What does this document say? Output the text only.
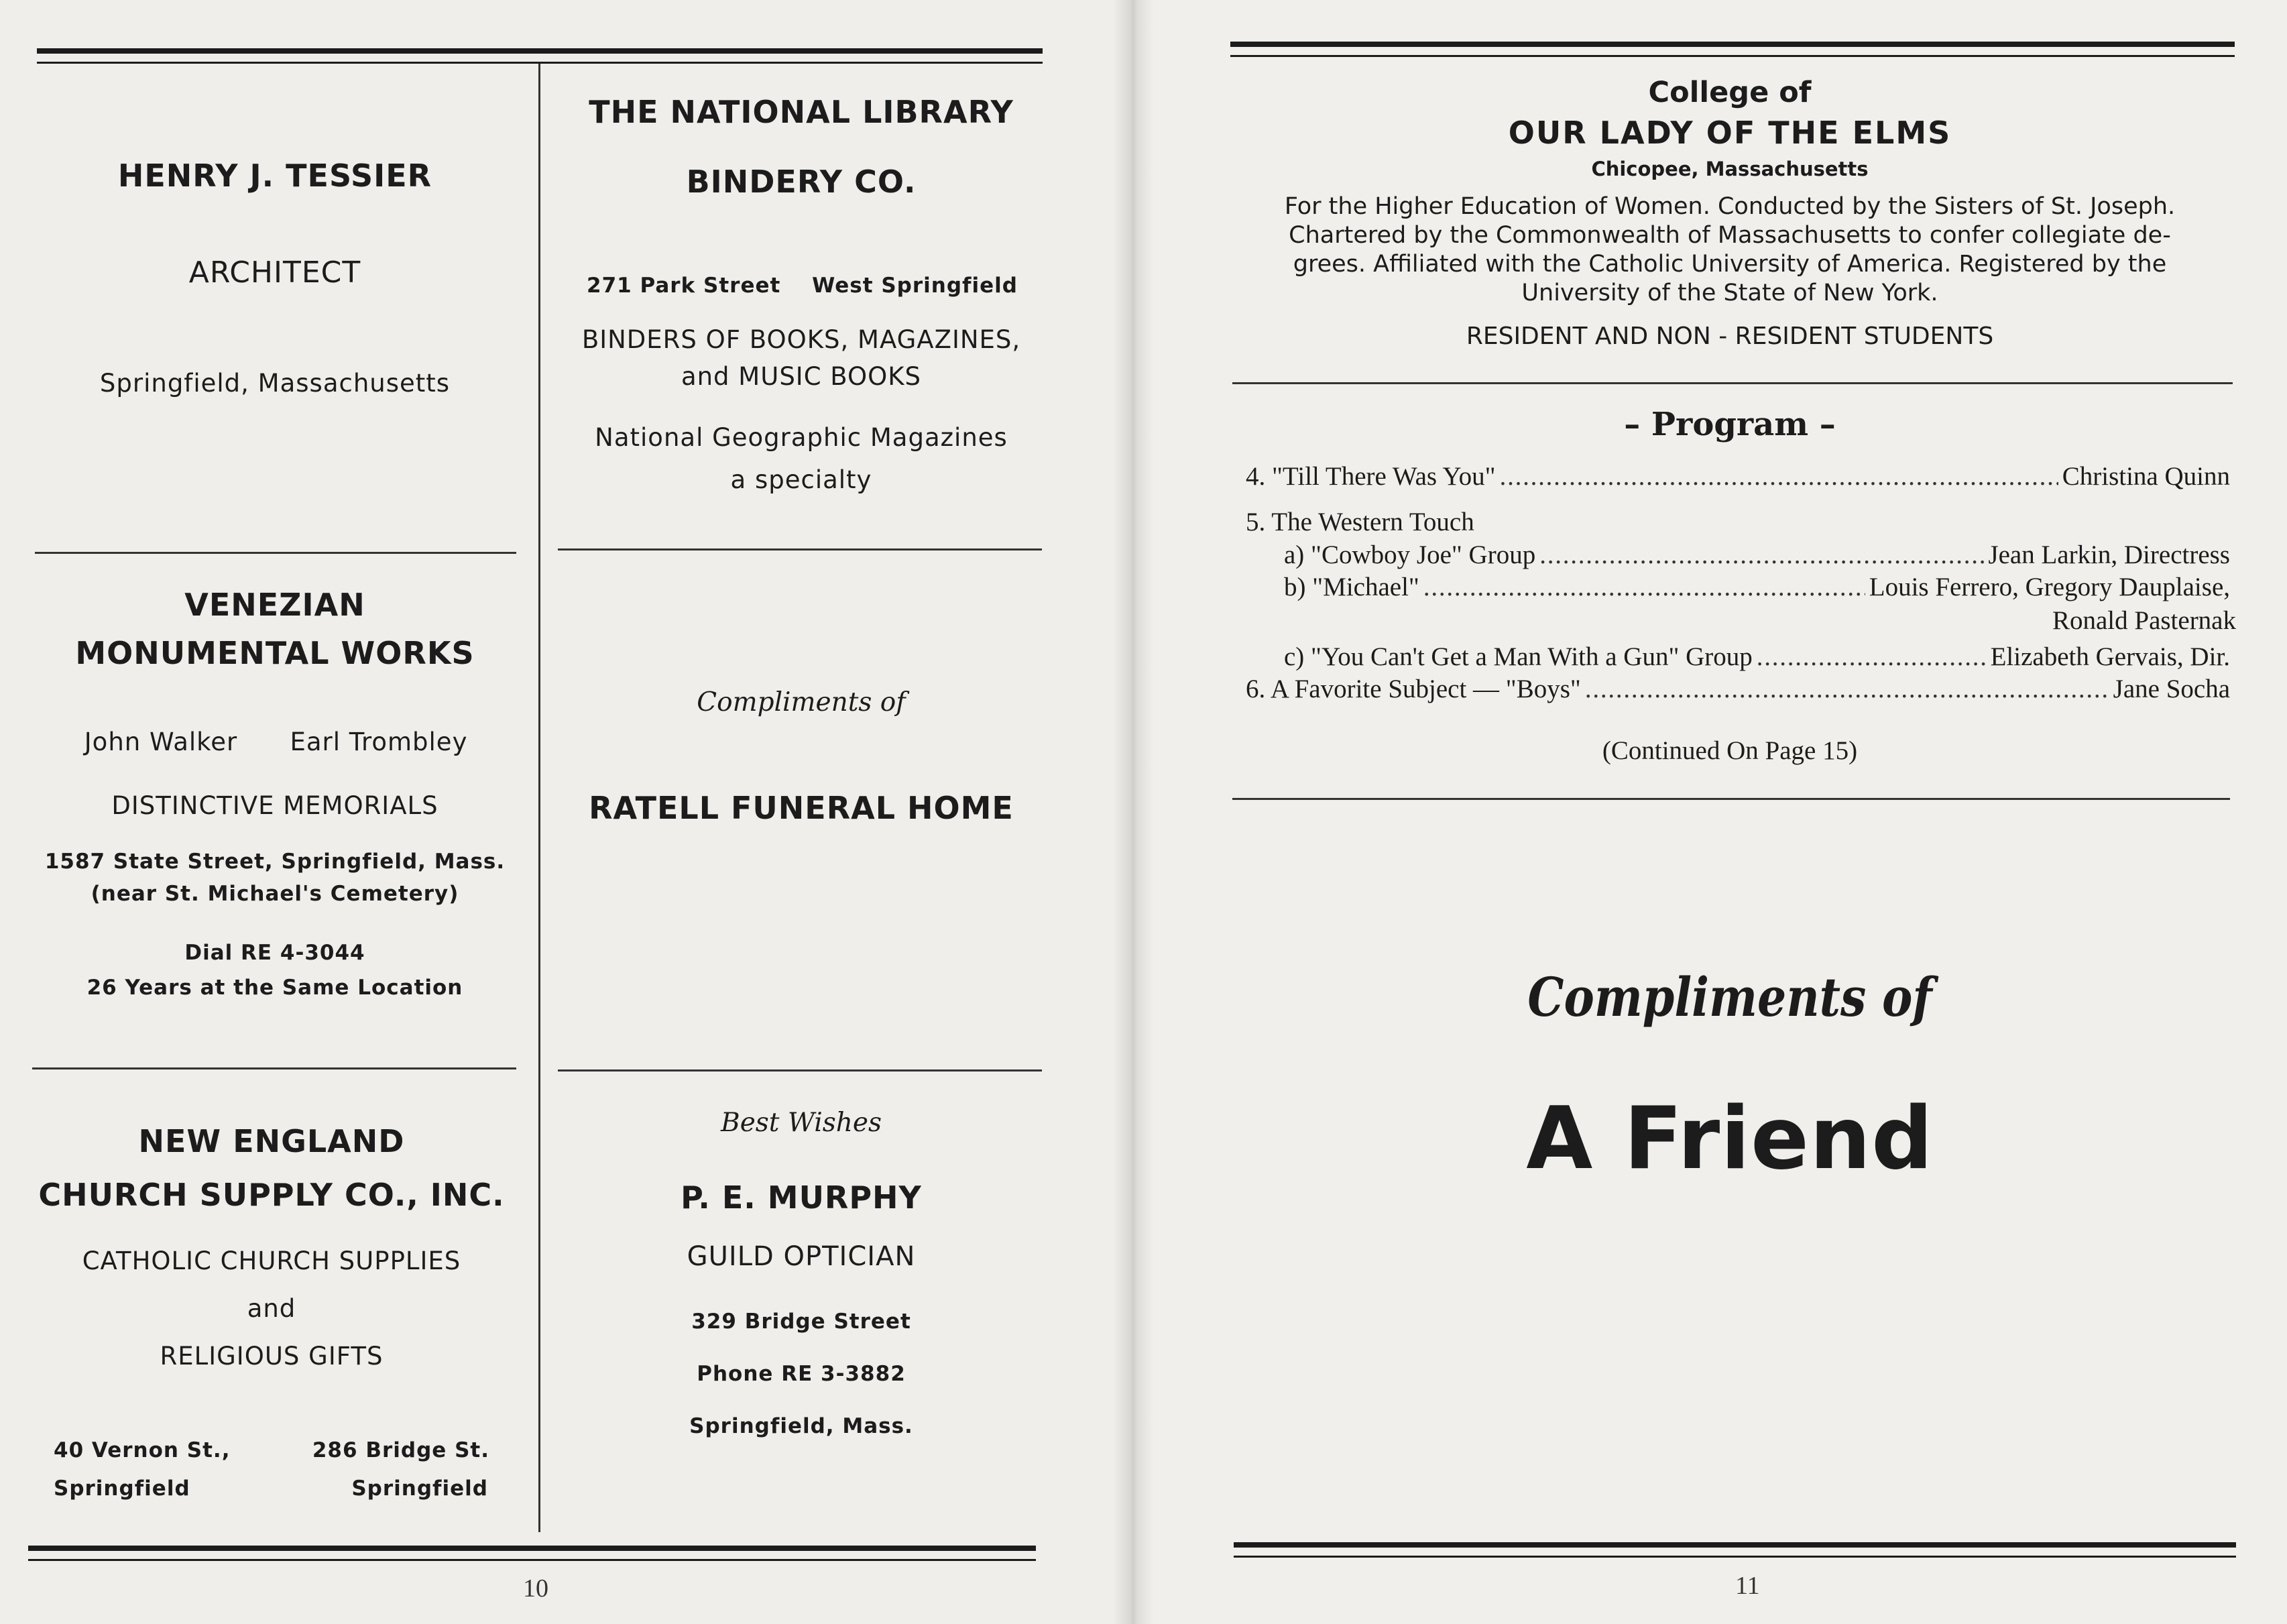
HENRY J. TESSIER
ARCHITECT
Springfield, Massachusetts
VENEZIAN
MONUMENTAL WORKS
John Walker	Earl Trombley
DISTINCTIVE MEMORIALS
1587 State Street, Springfield, Mass.
(near St. Michael's Cemetery)
Dial RE 4-3044
26 Years at the Same Location
NEW ENGLAND
CHURCH SUPPLY CO., INC.
CATHOLIC CHURCH SUPPLIES
and
RELIGIOUS GIFTS
40 Vernon St.,
Springfield
286 Bridge St.
Springfield
THE NATIONAL LIBRARY
BINDERY CO.
271 Park Street West Springfield
BINDERS OF BOOKS, MAGAZINES,
and MUSIC BOOKS
National Geographic Magazines
a specialty
Compliments of
RATELL FUNERAL HOME
Best Wishes
P. E. MURPHY
GUILD OPTICIAN
329 Bridge Street
Phone RE 3-3882
Springfield, Mass.
10
College of
OUR LADY OF THE ELMS
Chicopee, Massachusetts
For the Higher Education of Women. Conducted by the Sisters of St. Joseph.
Chartered by the Commonwealth of Massachusetts to confer collegiate de-
grees. Affiliated with the Catholic University of America. Registered by the
University of the State of New York.
RESIDENT AND NON - RESIDENT STUDENTS
– Program –
4. "Till There Was You" . . .	Christina Quinn
5. The Western Touch
a) "Cowboy Joe" Group . . .	Jean Larkin, Directress
b) "Michael" . . .	Louis Ferrero, Gregory Dauplaise,
Ronald Pasternak
c) "You Can't Get a Man With a Gun" Group . . .	Elizabeth Gervais, Dir.
6. A Favorite Subject — "Boys" . . .	Jane Socha
(Continued On Page 15)
Compliments of
A Friend
11
